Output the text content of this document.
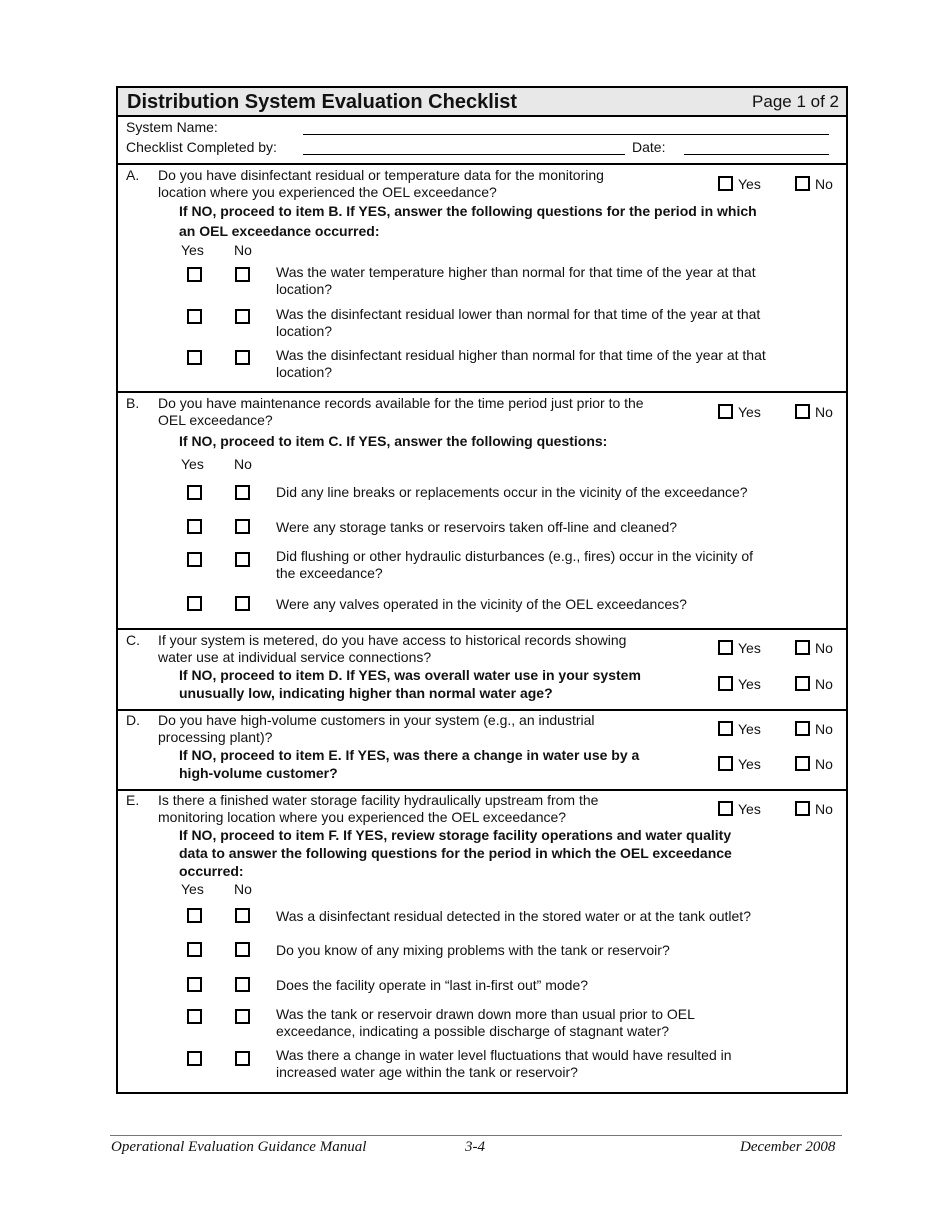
Distribution System Evaluation Checklist	Page 1 of 2
System Name:
Checklist Completed by:	Date:
A. Do you have disinfectant residual or temperature data for the monitoring
location where you experienced the OEL exceedance?	Yes	No
If NO, proceed to item B. If YES, answer the following questions for the period in which
an OEL exceedance occurred:
Yes No
Was the water temperature higher than normal for that time of the year at that
location?
Was the disinfectant residual lower than normal for that time of the year at that
location?
Was the disinfectant residual higher than normal for that time of the year at that
location?
B. Do you have maintenance records available for the time period just prior to the
OEL exceedance?	Yes	No
If NO, proceed to item C. If YES, answer the following questions:
Yes No
Did any line breaks or replacements occur in the vicinity of the exceedance?
Were any storage tanks or reservoirs taken off-line and cleaned?
Did flushing or other hydraulic disturbances (e.g., fires) occur in the vicinity of
the exceedance?
Were any valves operated in the vicinity of the OEL exceedances?
C. If your system is metered, do you have access to historical records showing
water use at individual service connections?
Yes	No
If NO, proceed to item D. If YES, was overall water use in your system
unusually low, indicating higher than normal water age?
Yes	No
D. Do you have high-volume customers in your system (e.g., an industrial
processing plant)?	Yes	No
If NO, proceed to item E. If YES, was there a change in water use by a
high-volume customer?
Yes	No
E. Is there a finished water storage facility hydraulically upstream from the
monitoring location where you experienced the OEL exceedance?	Yes	No
If NO, proceed to item F. If YES, review storage facility operations and water quality
data to answer the following questions for the period in which the OEL exceedance
occurred:
Yes No
Was a disinfectant residual detected in the stored water or at the tank outlet?
Do you know of any mixing problems with the tank or reservoir?
Does the facility operate in “last in-first out” mode?
Was the tank or reservoir drawn down more than usual prior to OEL
exceedance, indicating a possible discharge of stagnant water?
Was there a change in water level fluctuations that would have resulted in
increased water age within the tank or reservoir?
Operational Evaluation Guidance Manual	3-4	December 2008
